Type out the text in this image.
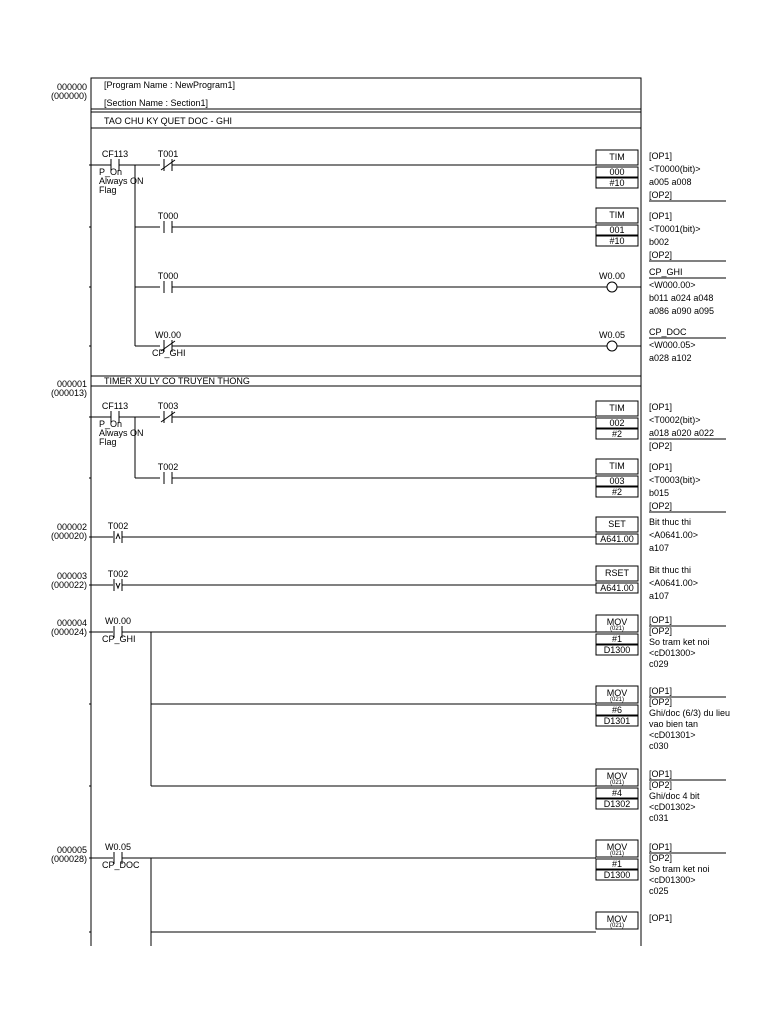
[Program Name : NewProgram1]
[Section Name : Section1]
TAO CHU KY QUET DOC - GHI
TIMER XU LY CO TRUYEN THONG
000000
(000000)
000001
(000013)
000002
(000020)
000003
(000022)
000004
(000024)
000005
(000028)
CF113
P_On
Always ON
Flag
T001	TIM
000
#10
T000	TIM
001
#10
T000	W0.00
W0.00
CP_GHI
W0.05
[OP1]
<T0000(bit)>
a005 a008
[OP2]
[OP1]
<T0001(bit)>
b002
[OP2]
CP_GHI
<W000.00>
b011 a024 a048
a086 a090 a095
CP_DOC
<W000.05>
a028 a102
CF113
P_On
Always ON
Flag
T003	TIM
002
#2
T002	TIM
003
#2
[OP1]
<T0002(bit)>
a018 a020 a022
[OP2]
[OP1]
<T0003(bit)>
b015
[OP2]
T002	SET
A641.00
Bit thuc thi
<A0641.00>
a107
T002	RSET
A641.00
Bit thuc thi
<A0641.00>
a107
W0.00
CP_GHI
MOV
(021)
#1
D1300
MOV
(021)
#6
D1301
MOV
(021)
#4
D1302
[OP1]
[OP2]
So tram ket noi
<cD01300>
c029
[OP1]
[OP2]
Ghi/doc (6/3) du lieu
vao bien tan
<cD01301>
c030
[OP1]
[OP2]
Ghi/doc 4 bit
<cD01302>
c031
W0.05
CP_DOC
MOV
(021)
#1
D1300
MOV
(021)
[OP1]
[OP2]
So tram ket noi
<cD01300>
c025
[OP1]
